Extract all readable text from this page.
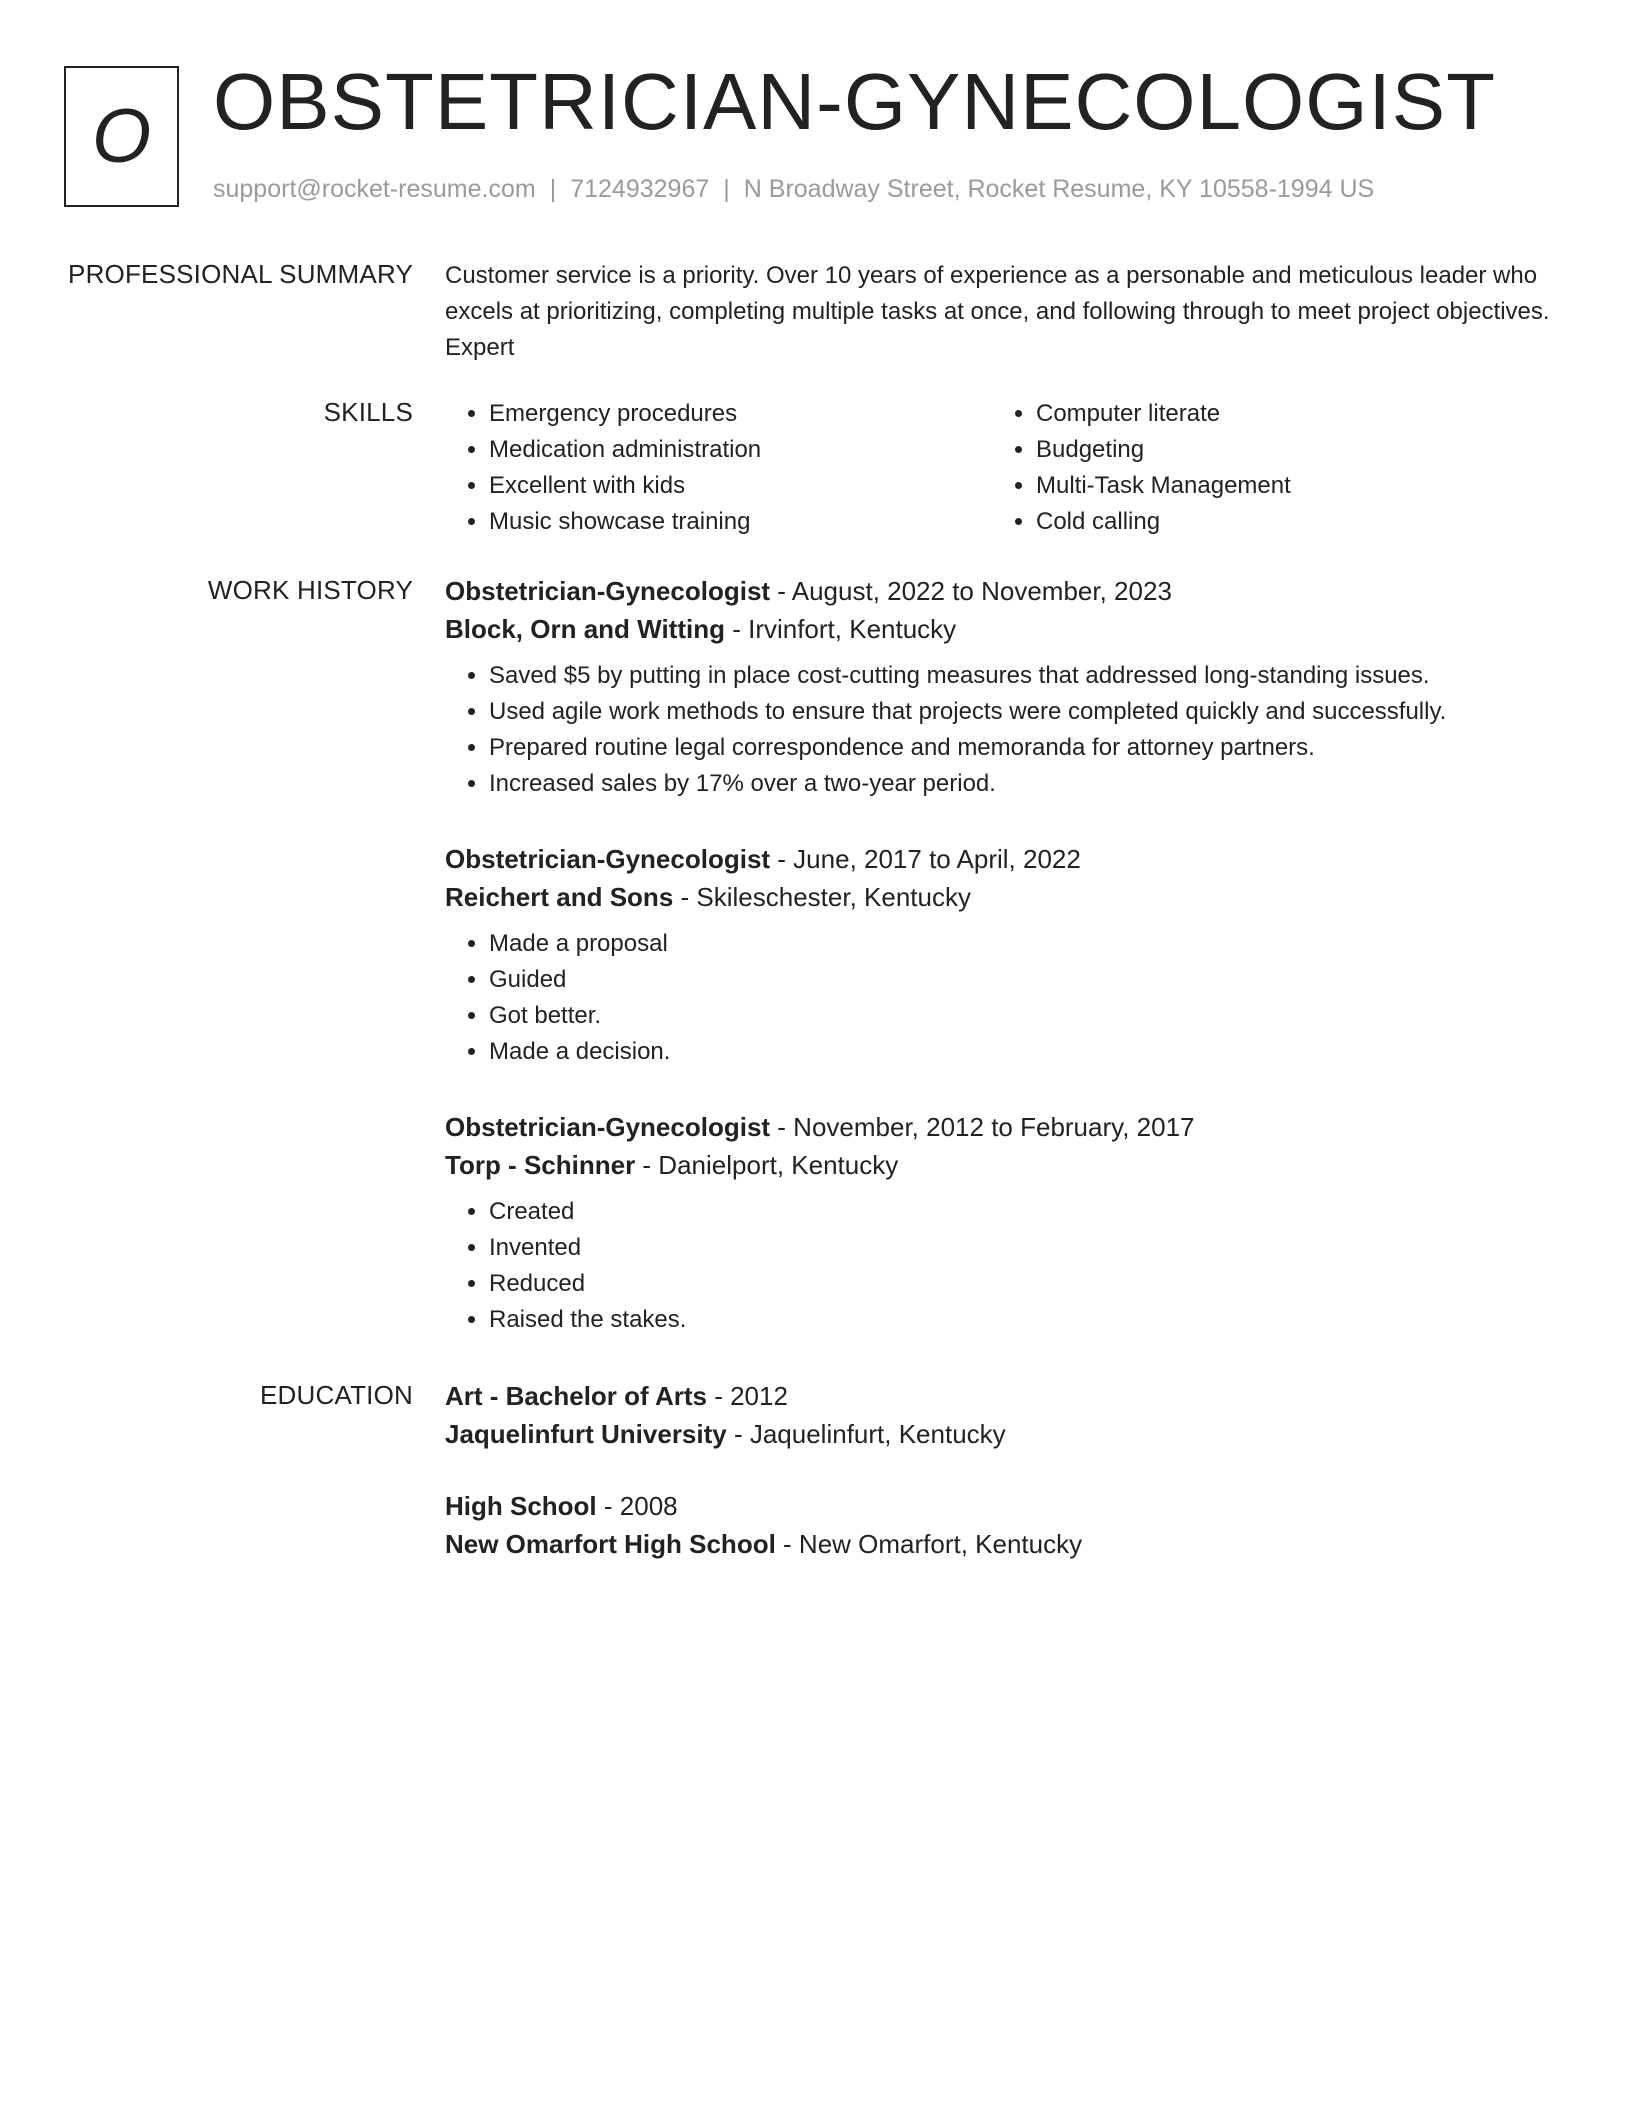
O OBSTETRICIAN-GYNECOLOGIST
support@rocket-resume.com | 7124932967 | N Broadway Street, Rocket Resume, KY 10558-1994 US
PROFESSIONAL SUMMARY Customer service is a priority. Over 10 years of experience as a personable and meticulous leader who excels at prioritizing, completing multiple tasks at once, and following through to meet project objectives. Expert
SKILLS
•	Emergency procedures
• Medication administration
• Excellent with kids
• Music showcase training
• Computer literate
• Budgeting
• Multi-Task Management
• Cold calling
WORK HISTORY Obstetrician-Gynecologist - August, 2022 to November, 2023
Block, Orn and Witting - Irvinfort, Kentucky
• Saved $5 by putting in place cost-cutting measures that addressed long-standing issues.
• Used agile work methods to ensure that projects were completed quickly and successfully.
• Prepared routine legal correspondence and memoranda for attorney partners.
• Increased sales by 17% over a two-year period.
Obstetrician-Gynecologist - June, 2017 to April, 2022
Reichert and Sons - Skileschester, Kentucky
• Made a proposal
• Guided
• Got better.
• Made a decision.
Obstetrician-Gynecologist - November, 2012 to February, 2017
Torp - Schinner - Danielport, Kentucky
• Created
• Invented
• Reduced
• Raised the stakes.
EDUCATION Art - Bachelor of Arts - 2012
Jaquelinfurt University - Jaquelinfurt, Kentucky
High School - 2008
New Omarfort High School - New Omarfort, Kentucky
